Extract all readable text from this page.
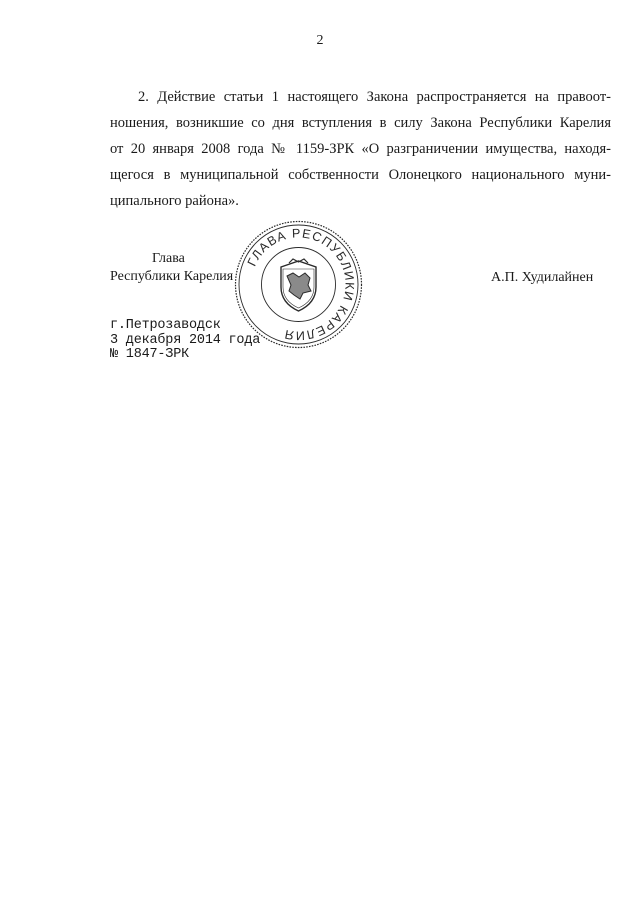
2
2. Действие статьи 1 настоящего Закона распространяется на правоот-
ношения, возникшие со дня вступления в силу Закона Республики Карелия
от 20 января 2008 года № 1159-ЗРК «О разграничении имущества, находя-
щегося в муниципальной собственности Олонецкого национального муни-
ципального района».
Глава
Республики Карелия
ГЛАВА РЕСПУБЛИКИ КАРЕЛИЯ
А.П. Худилайнен
г.Петрозаводск
3 декабря 2014 года
№ 1847-ЗРК
